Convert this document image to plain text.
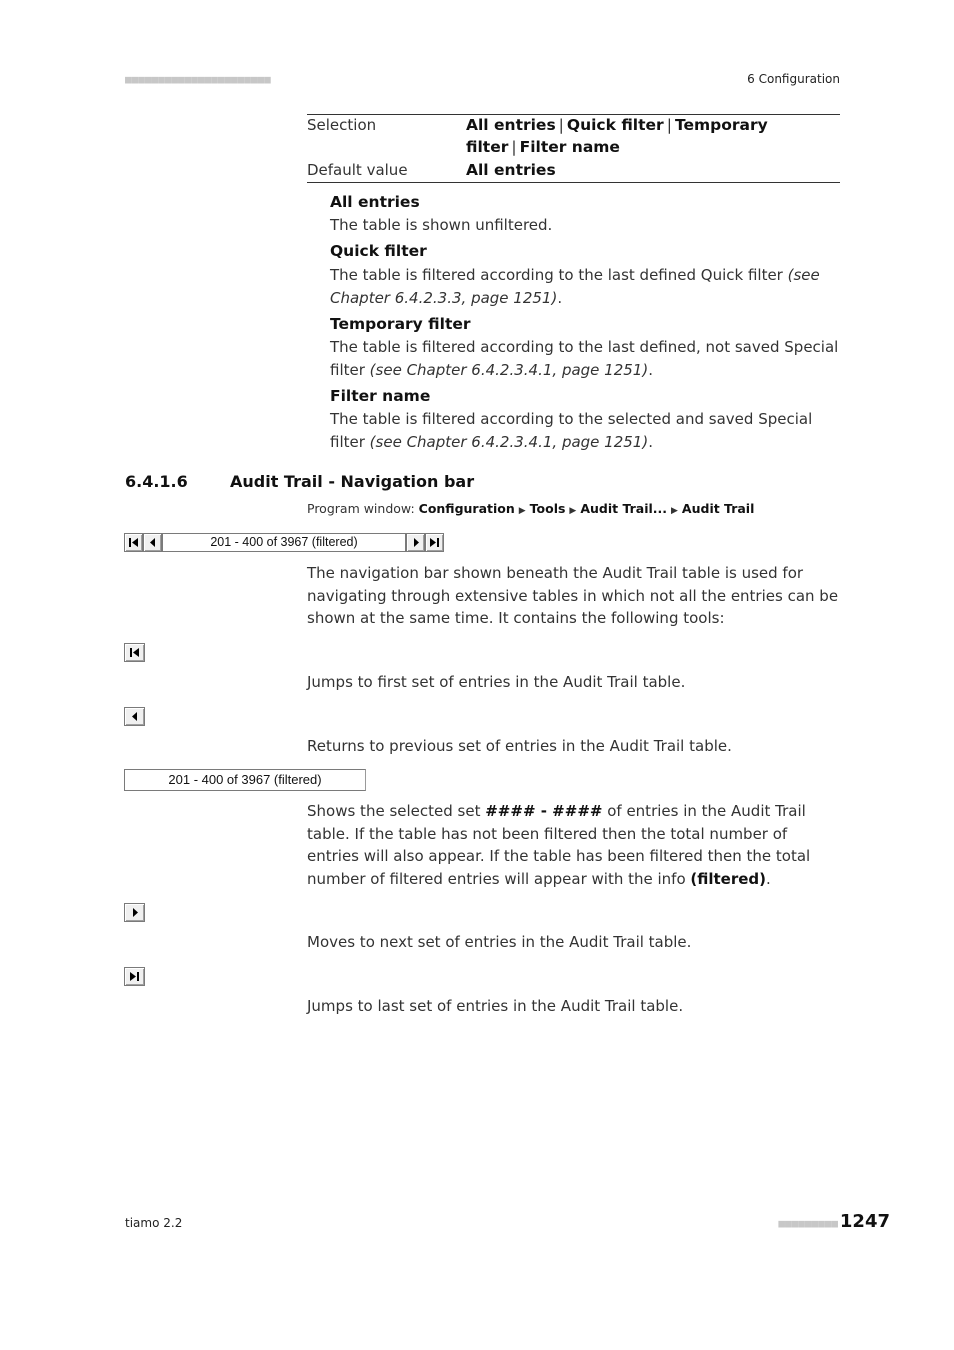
■■■■■■■■■■■■■■■■■■■■■■	6 Configuration
Selection	All entries | Quick filter | Temporary filter | Filter name
Default value	All entries
All entries
The table is shown unfiltered.
Quick filter
The table is filtered according to the last defined Quick filter (see Chapter 6.4.2.3.3, page 1251).
Temporary filter
The table is filtered according to the last defined, not saved Special filter (see Chapter 6.4.2.3.4.1, page 1251).
Filter name
The table is filtered according to the selected and saved Special filter (see Chapter 6.4.2.3.4.1, page 1251).
6.4.1.6	Audit Trail - Navigation bar
Program window: Configuration ▶ Tools ▶ Audit Trail... ▶ Audit Trail
201 - 400 of 3967 (filtered)
The navigation bar shown beneath the Audit Trail table is used for navigating through extensive tables in which not all the entries can be shown at the same time. It contains the following tools:
Jumps to first set of entries in the Audit Trail table.
Returns to previous set of entries in the Audit Trail table.
201 - 400 of 3967 (filtered)
Shows the selected set #### - #### of entries in the Audit Trail table. If the table has not been filtered then the total number of entries will also appear. If the table has been filtered then the total number of filtered entries will appear with the info (filtered).
Moves to next set of entries in the Audit Trail table.
Jumps to last set of entries in the Audit Trail table.
tiamo 2.2	■■■■■■■■■ 1247
